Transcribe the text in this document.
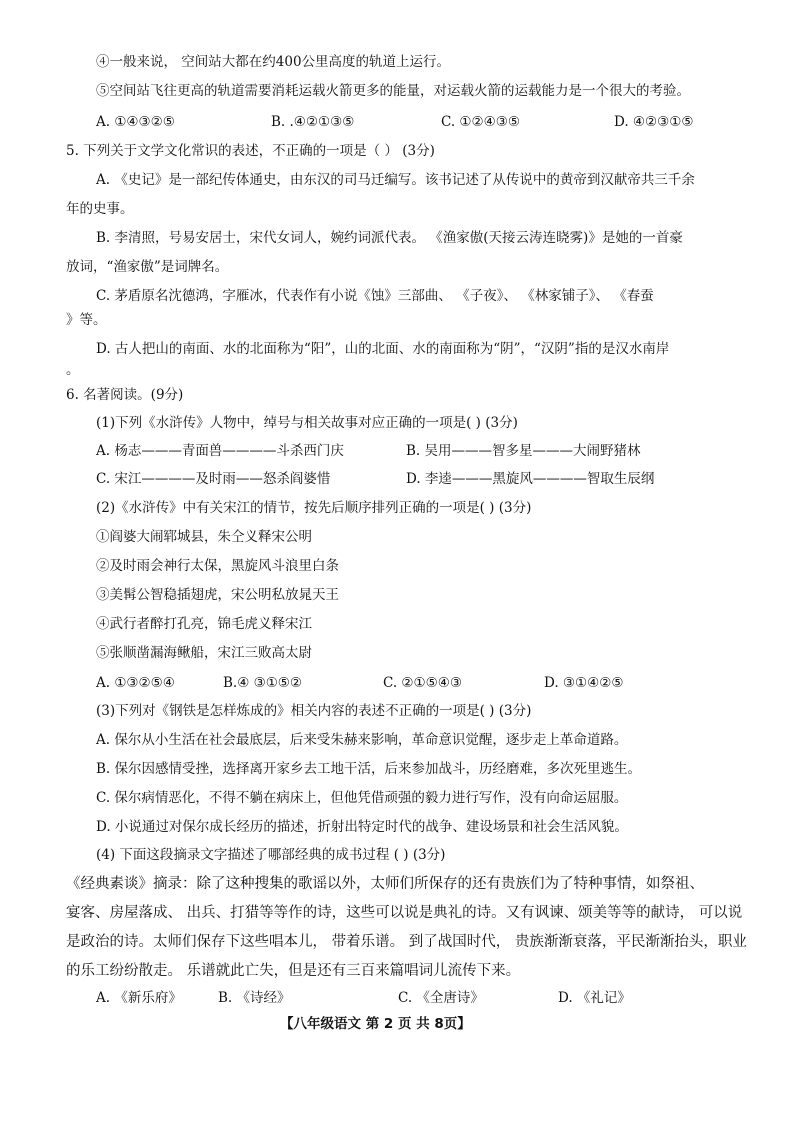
④一般来说， 空间站大都在约400公里高度的轨道上运行。
⑤空间站飞往更高的轨道需要消耗运载火箭更多的能量，对运载火箭的运载能力是一个很大的考验。
A. ①④③②⑤	B. .④②①③⑤	C. ①②④③⑤	D. ④②③①⑤
5. 下列关于文学文化常识的表述，不正确的一项是（ ） (3分)
A. 《史记》是一部纪传体通史，由东汉的司马迁编写。该书记述了从传说中的黄帝到汉献帝共三千余
年的史事。
B. 李清照，号易安居士，宋代女词人，婉约词派代表。 《渔家傲(天接云涛连晓雾)》是她的一首豪
放词，“渔家傲”是词牌名。
C. 茅盾原名沈德鸿，字雁冰，代表作有小说《蚀》三部曲、 《子夜》、 《林家铺子》、 《春蚕
》等。
D. 古人把山的南面、水的北面称为“阳”，山的北面、水的南面称为“阴”，“汉阴”指的是汉水南岸
。
6. 名著阅读。(9分)
(1)下列《水浒传》人物中，绰号与相关故事对应正确的一项是( ) (3分)
A. 杨志———青面兽————斗杀西门庆	B. 吴用———智多星———大闹野猪林
C. 宋江————及时雨——怒杀阎婆惜	D. 李逵———黑旋风————智取生辰纲
(2)《水浒传》中有关宋江的情节，按先后顺序排列正确的一项是( ) (3分)
①阎婆大闹郓城县，朱仝义释宋公明
②及时雨会神行太保，黑旋风斗浪里白条
③美髯公智稳插翅虎，宋公明私放晁天王
④武行者醉打孔亮，锦毛虎义释宋江
⑤张顺凿漏海鳅船，宋江三败高太尉
A. ①③②⑤④	B.④ ③①⑤②	C. ②①⑤④③	D. ③①④②⑤
(3)下列对《钢铁是怎样炼成的》相关内容的表述不正确的一项是( ) (3分)
A. 保尔从小生活在社会最底层，后来受朱赫来影响，革命意识觉醒，逐步走上革命道路。
B. 保尔因感情受挫，选择离开家乡去工地干活，后来参加战斗，历经磨难，多次死里逃生。
C. 保尔病情恶化，不得不躺在病床上，但他凭借顽强的毅力进行写作，没有向命运屈服。
D. 小说通过对保尔成长经历的描述，折射出特定时代的战争、建设场景和社会生活风貌。
(4) 下面这段摘录文字描述了哪部经典的成书过程 ( ) (3分)
《经典素谈》摘录：除了这种搜集的歌谣以外，太师们所保存的还有贵族们为了特种事情，如祭祖、
宴客、房屋落成、 出兵、打猎等等作的诗，这些可以说是典礼的诗。又有讽谏、颂美等等的献诗， 可以说
是政治的诗。太师们保存下这些唱本儿， 带着乐谱。 到了战国时代， 贵族渐渐衰落，平民渐渐抬头，职业
的乐工纷纷散走。 乐谱就此亡失，但是还有三百来篇唱词儿流传下来。
A. 《新乐府》	B. 《诗经》	C. 《全唐诗》	D. 《礼记》
【八年级语文 第 2 页 共 8页】
